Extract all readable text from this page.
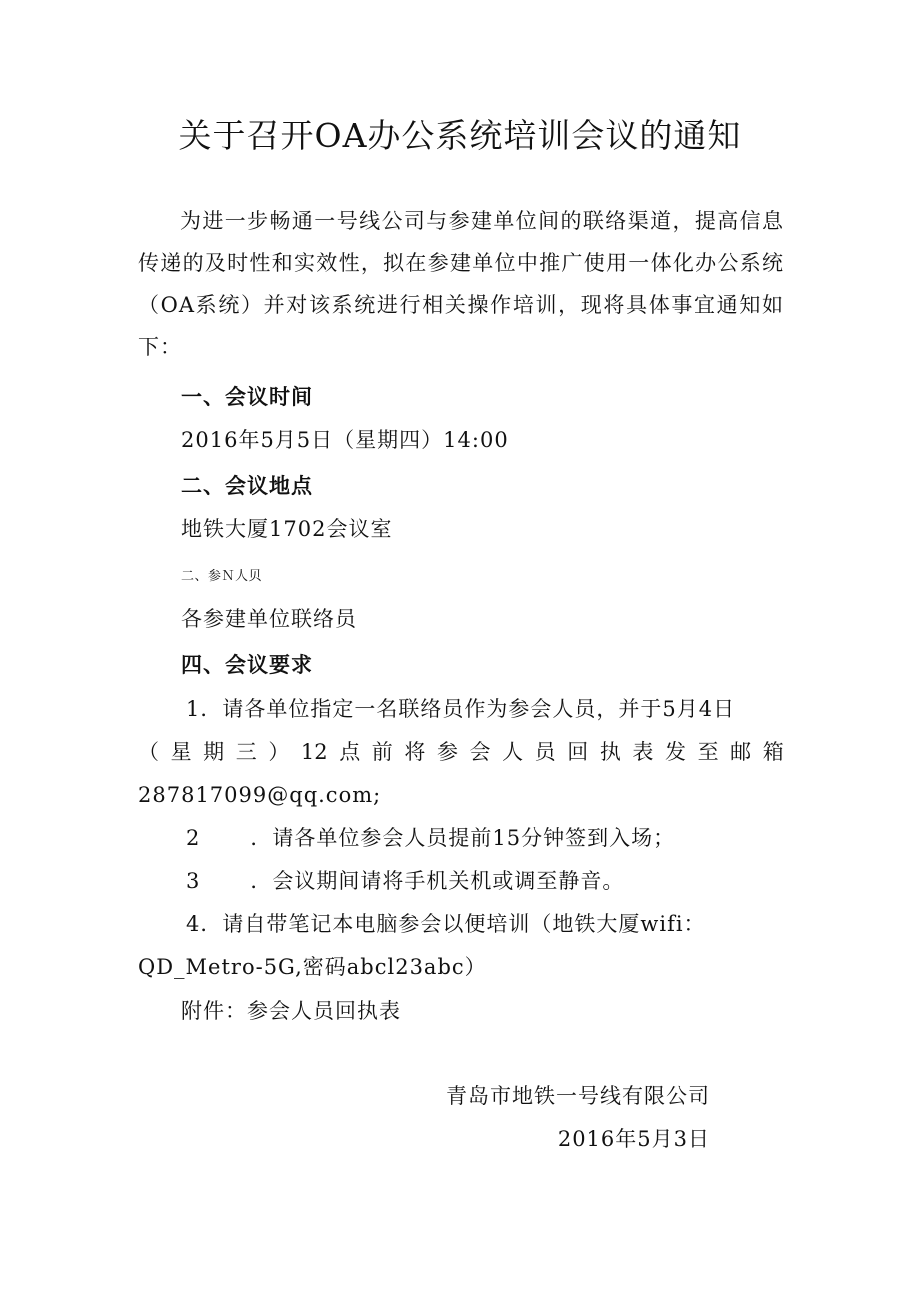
关于召开OA办公系统培训会议的通知

为进一步畅通一号线公司与参建单位间的联络渠道，提高信息传递的及时性和实效性，拟在参建单位中推广使用一体化办公系统（OA系统）并对该系统进行相关操作培训，现将具体事宜通知如下：

一、会议时间
2016年5月5日（星期四）14:00
二、会议地点
地铁大厦1702会议室
二、参Ｎ人贝
各参建单位联络员
四、会议要求
1．请各单位指定一名联络员作为参会人员，并于5月4日
（ 星 期 三 ） 12 点 前 将 参 会 人 员 回 执 表 发 至 邮 箱
287817099@qq.com;
2 ．请各单位参会人员提前15分钟签到入场；
3 ．会议期间请将手机关机或调至静音。
4．请自带笔记本电脑参会以便培训（地铁大厦wifi：
QD_Metro-5G,密码abcl23abc）
附件：参会人员回执表
青岛市地铁一号线有限公司
2016年5月3日
